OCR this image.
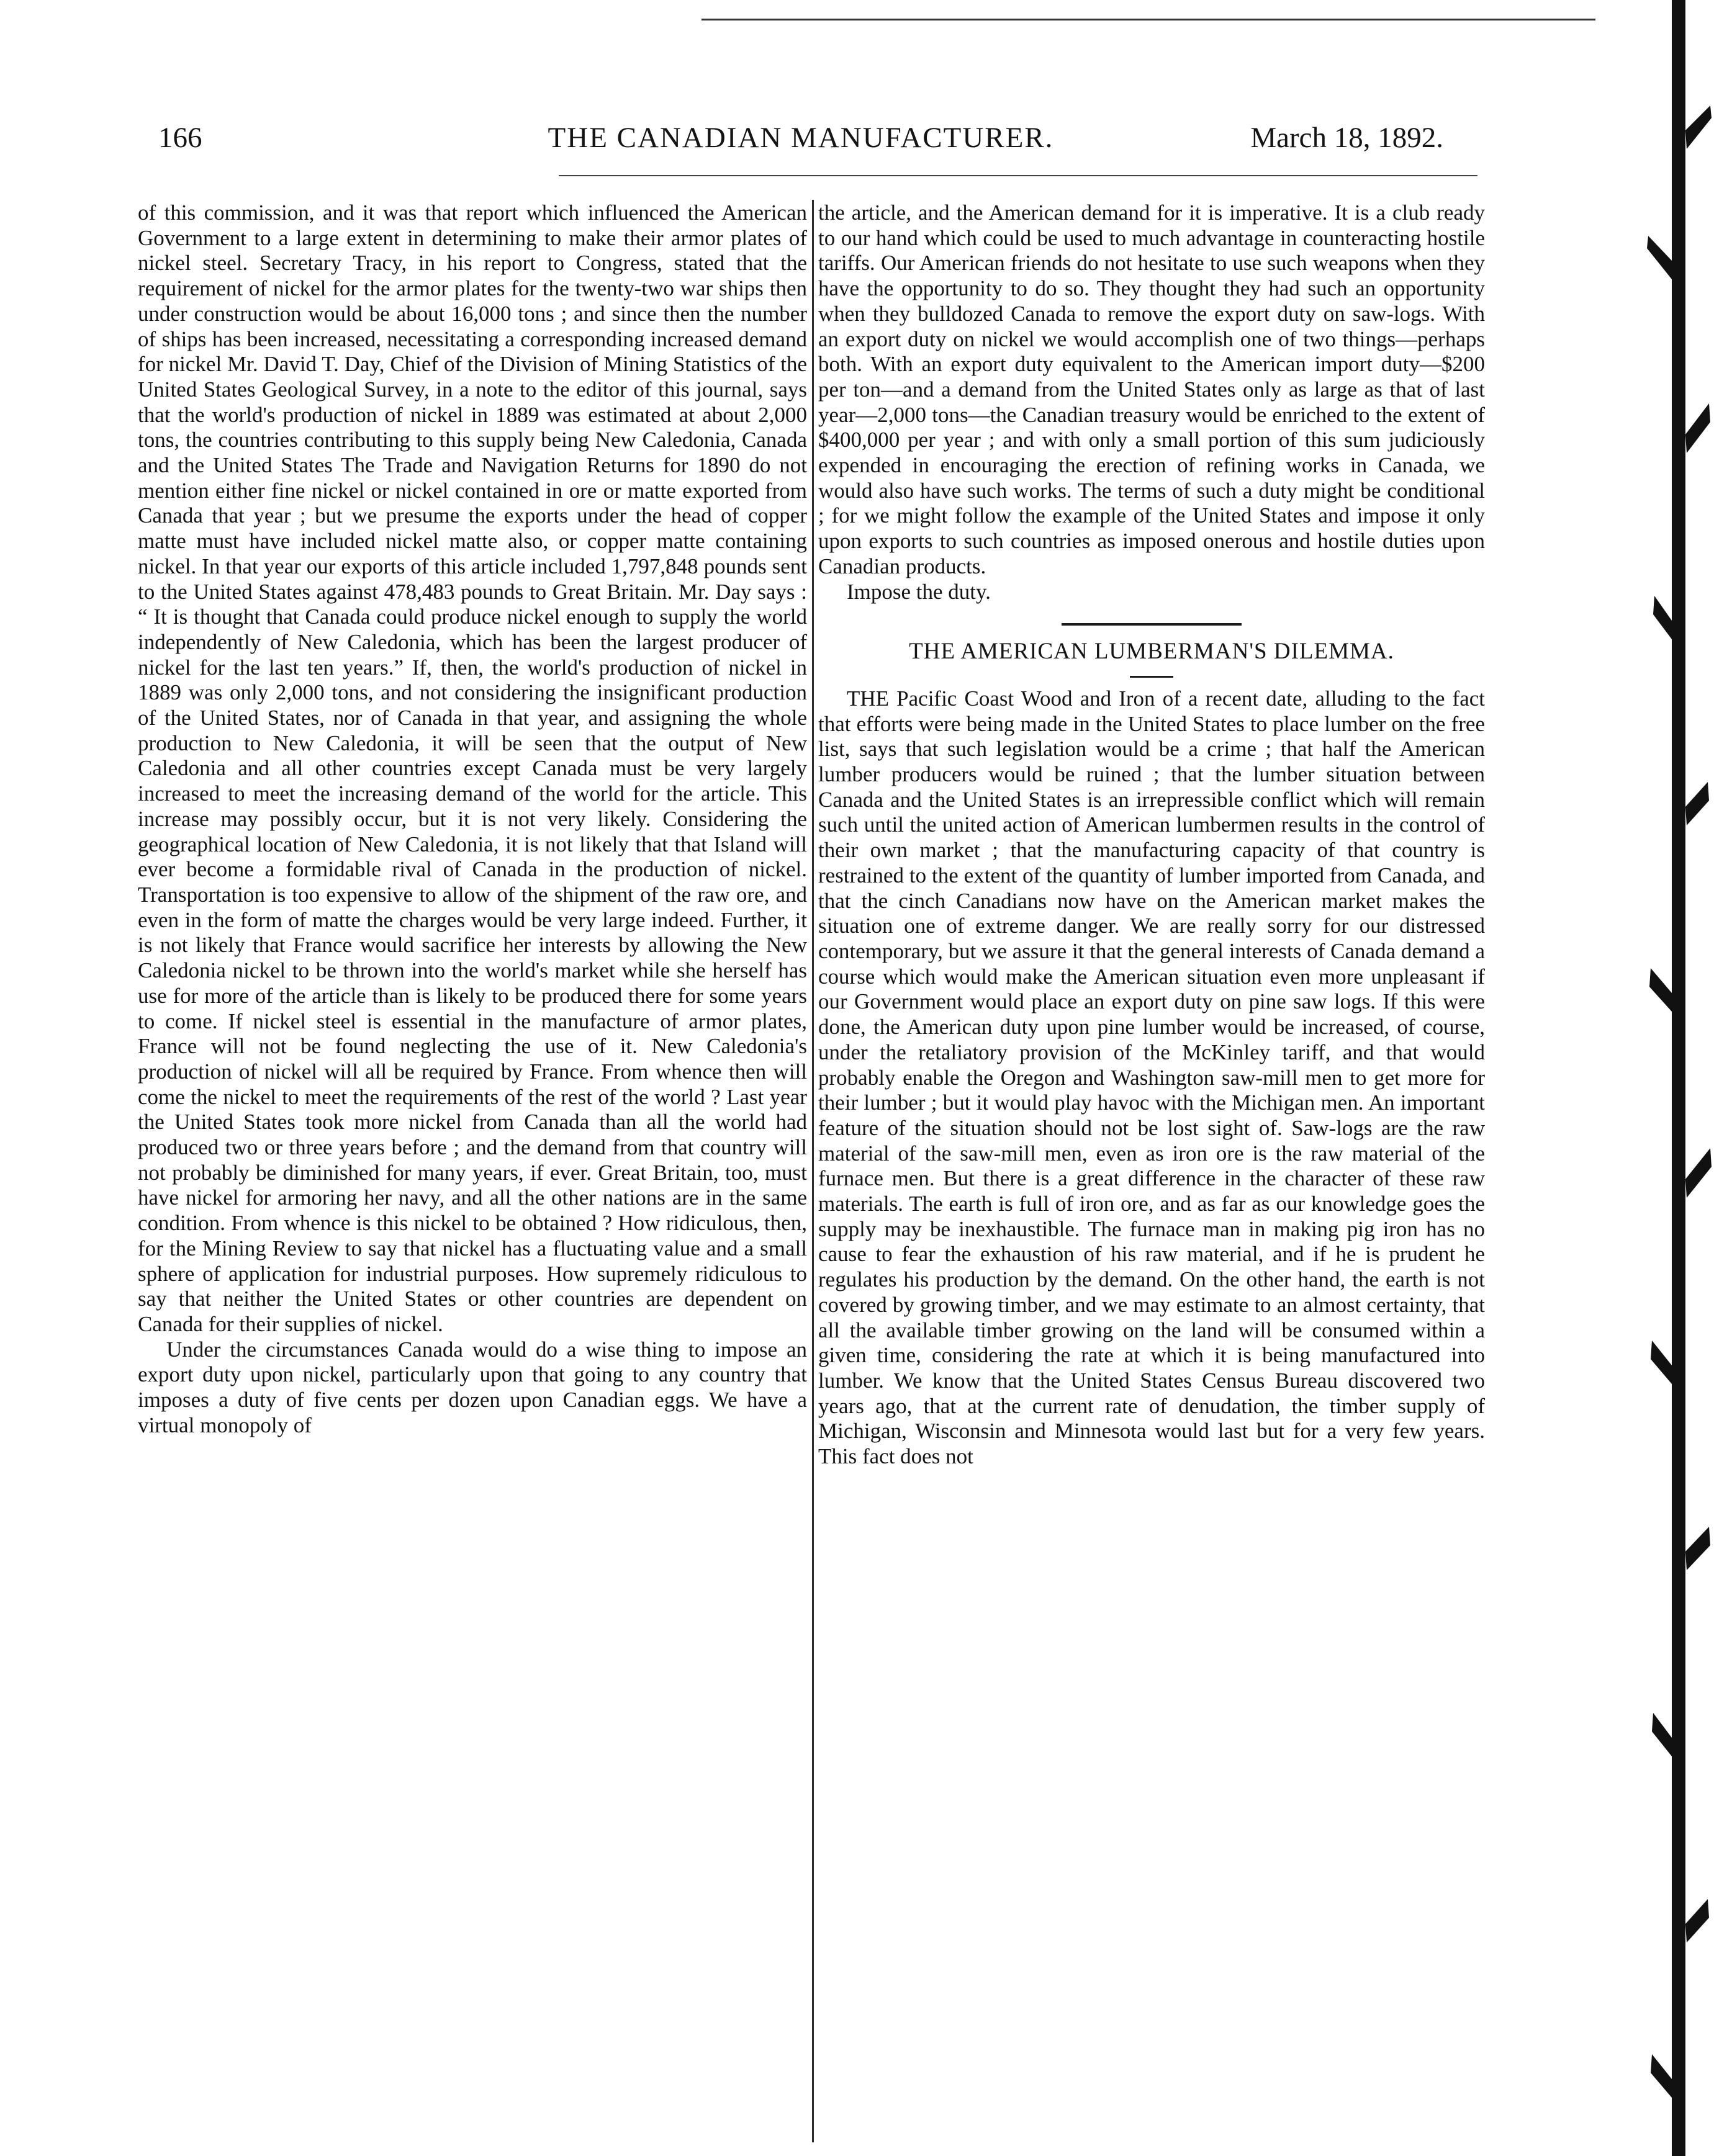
166	THE CANADIAN MANUFACTURER.	March 18, 1892.

of this commission, and it was that report which influenced the American Government to a large extent in determining to make their armor plates of nickel steel. Secretary Tracy, in his report to Congress, stated that the requirement of nickel for the armor plates for the twenty-two war ships then under construction would be about 16,000 tons ; and since then the number of ships has been increased, necessitating a corresponding increased demand for nickel Mr. David T. Day, Chief of the Division of Mining Statistics of the United States Geological Survey, in a note to the editor of this journal, says that the world's production of nickel in 1889 was estimated at about 2,000 tons, the countries contributing to this supply being New Caledonia, Canada and the United States The Trade and Navigation Returns for 1890 do not mention either fine nickel or nickel contained in ore or matte exported from Canada that year ; but we presume the exports under the head of copper matte must have included nickel matte also, or copper matte containing nickel. In that year our exports of this article included 1,797,848 pounds sent to the United States against 478,483 pounds to Great Britain. Mr. Day says : “ It is thought that Canada could produce nickel enough to supply the world independently of New Caledonia, which has been the largest producer of nickel for the last ten years.” If, then, the world's production of nickel in 1889 was only 2,000 tons, and not considering the insignificant production of the United States, nor of Canada in that year, and assigning the whole production to New Caledonia, it will be seen that the output of New Caledonia and all other countries except Canada must be very largely increased to meet the increasing demand of the world for the article. This increase may possibly occur, but it is not very likely. Considering the geographical location of New Caledonia, it is not likely that that Island will ever become a formidable rival of Canada in the production of nickel. Transportation is too expensive to allow of the shipment of the raw ore, and even in the form of matte the charges would be very large indeed. Further, it is not likely that France would sacrifice her interests by allowing the New Caledonia nickel to be thrown into the world's market while she herself has use for more of the article than is likely to be produced there for some years to come. If nickel steel is essential in the manufacture of armor plates, France will not be found neglecting the use of it. New Caledonia's production of nickel will all be required by France. From whence then will come the nickel to meet the requirements of the rest of the world ? Last year the United States took more nickel from Canada than all the world had produced two or three years before ; and the demand from that country will not probably be diminished for many years, if ever. Great Britain, too, must have nickel for armoring her navy, and all the other nations are in the same condition. From whence is this nickel to be obtained ? How ridiculous, then, for the Mining Review to say that nickel has a fluctuating value and a small sphere of application for industrial purposes. How supremely ridiculous to say that neither the United States or other countries are dependent on Canada for their supplies of nickel.

Under the circumstances Canada would do a wise thing to impose an export duty upon nickel, particularly upon that going to any country that imposes a duty of five cents per dozen upon Canadian eggs. We have a virtual monopoly of

the article, and the American demand for it is imperative. It is a club ready to our hand which could be used to much advantage in counteracting hostile tariffs. Our American friends do not hesitate to use such weapons when they have the opportunity to do so. They thought they had such an opportunity when they bulldozed Canada to remove the export duty on saw-logs. With an export duty on nickel we would accomplish one of two things—perhaps both. With an export duty equivalent to the American import duty—$200 per ton—and a demand from the United States only as large as that of last year—2,000 tons—the Canadian treasury would be enriched to the extent of $400,000 per year ; and with only a small portion of this sum judiciously expended in encouraging the erection of refining works in Canada, we would also have such works. The terms of such a duty might be conditional ; for we might follow the example of the United States and impose it only upon exports to such countries as imposed onerous and hostile duties upon Canadian products.

Impose the duty.

THE AMERICAN LUMBERMAN'S DILEMMA.

THE Pacific Coast Wood and Iron of a recent date, alluding to the fact that efforts were being made in the United States to place lumber on the free list, says that such legislation would be a crime ; that half the American lumber producers would be ruined ; that the lumber situation between Canada and the United States is an irrepressible conflict which will remain such until the united action of American lumbermen results in the control of their own market ; that the manufacturing capacity of that country is restrained to the extent of the quantity of lumber imported from Canada, and that the cinch Canadians now have on the American market makes the situation one of extreme danger. We are really sorry for our distressed contemporary, but we assure it that the general interests of Canada demand a course which would make the American situation even more unpleasant if our Government would place an export duty on pine saw logs. If this were done, the American duty upon pine lumber would be increased, of course, under the retaliatory provision of the McKinley tariff, and that would probably enable the Oregon and Washington saw-mill men to get more for their lumber ; but it would play havoc with the Michigan men. An important feature of the situation should not be lost sight of. Saw-logs are the raw material of the saw-mill men, even as iron ore is the raw material of the furnace men. But there is a great difference in the character of these raw materials. The earth is full of iron ore, and as far as our knowledge goes the supply may be inexhaustible. The furnace man in making pig iron has no cause to fear the exhaustion of his raw material, and if he is prudent he regulates his production by the demand. On the other hand, the earth is not covered by growing timber, and we may estimate to an almost certainty, that all the available timber growing on the land will be consumed within a given time, considering the rate at which it is being manufactured into lumber. We know that the United States Census Bureau discovered two years ago, that at the current rate of denudation, the timber supply of Michigan, Wisconsin and Minnesota would last but for a very few years. This fact does not
